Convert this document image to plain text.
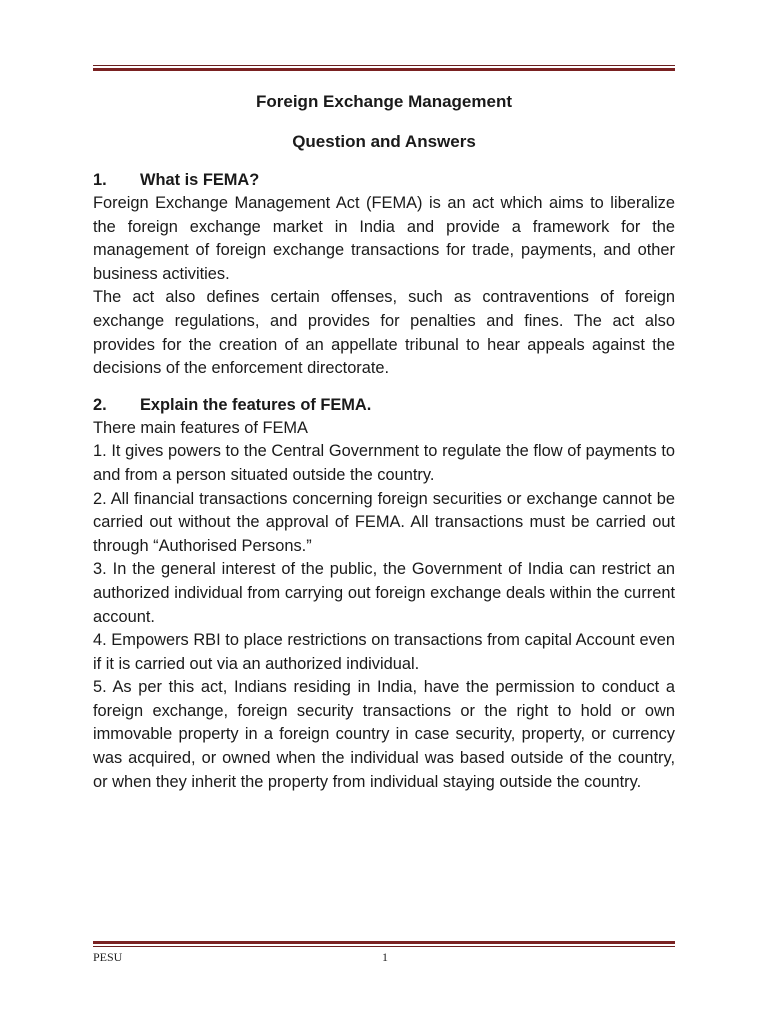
Foreign Exchange Management
Question and Answers
1.	What is FEMA?

Foreign Exchange Management Act (FEMA) is an act which aims to liberalize the foreign exchange market in India and provide a framework for the management of foreign exchange transactions for trade, payments, and other business activities.

The act also defines certain offenses, such as contraventions of foreign exchange regulations, and provides for penalties and fines. The act also provides for the creation of an appellate tribunal to hear appeals against the decisions of the enforcement directorate.

2.	Explain the features of FEMA.

There main features of FEMA

1. It gives powers to the Central Government to regulate the flow of payments to and from a person situated outside the country.

2. All financial transactions concerning foreign securities or exchange cannot be carried out without the approval of FEMA. All transactions must be carried out through “Authorised Persons.”

3. In the general interest of the public, the Government of India can restrict an authorized individual from carrying out foreign exchange deals within the current account.

4. Empowers RBI to place restrictions on transactions from capital Account even if it is carried out via an authorized individual.

5. As per this act, Indians residing in India, have the permission to conduct a foreign exchange, foreign security transactions or the right to hold or own immovable property in a foreign country in case security, property, or currency was acquired, or owned when the individual was based outside of the country, or when they inherit the property from individual staying outside the country.

PESU	1
